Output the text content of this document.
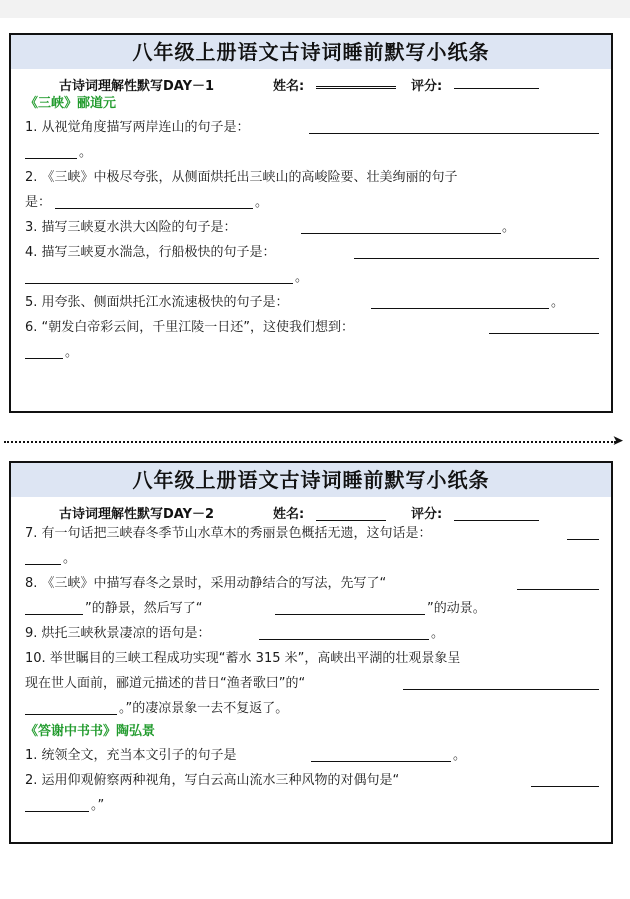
八年级上册语文古诗词睡前默写小纸条
古诗词理解性默写DAY－1	姓名:	评分:
《三峡》郦道元
1. 从视觉角度描写两岸连山的句子是：
。
2. 《三峡》中极尽夸张，从侧面烘托出三峡山的高峻险要、壮美绚丽的句子
是：	。
3. 描写三峡夏水洪大凶险的句子是：	。
4. 描写三峡夏水湍急，行船极快的句子是：
。
5. 用夸张、侧面烘托江水流速极快的句子是：	。
6. “朝发白帝彩云间，千里江陵一日还”，这使我们想到：
。
➤
八年级上册语文古诗词睡前默写小纸条
古诗词理解性默写DAY－2	姓名:	评分:
7. 有一句话把三峡春冬季节山水草木的秀丽景色概括无遗，这句话是：
。
8. 《三峡》中描写春冬之景时，采用动静结合的写法，先写了“
”的静景，然后写了“	”的动景。
9. 烘托三峡秋景凄凉的语句是：	。
10. 举世瞩目的三峡工程成功实现“蓄水 315 米”，高峡出平湖的壮观景象呈
现在世人面前，郦道元描述的昔日“渔者歌曰”的“
。”的凄凉景象一去不复返了。
《答谢中书书》陶弘景
1. 统领全文，充当本文引子的句子是	。
2. 运用仰观俯察两种视角，写白云高山流水三种风物的对偶句是“
。”
